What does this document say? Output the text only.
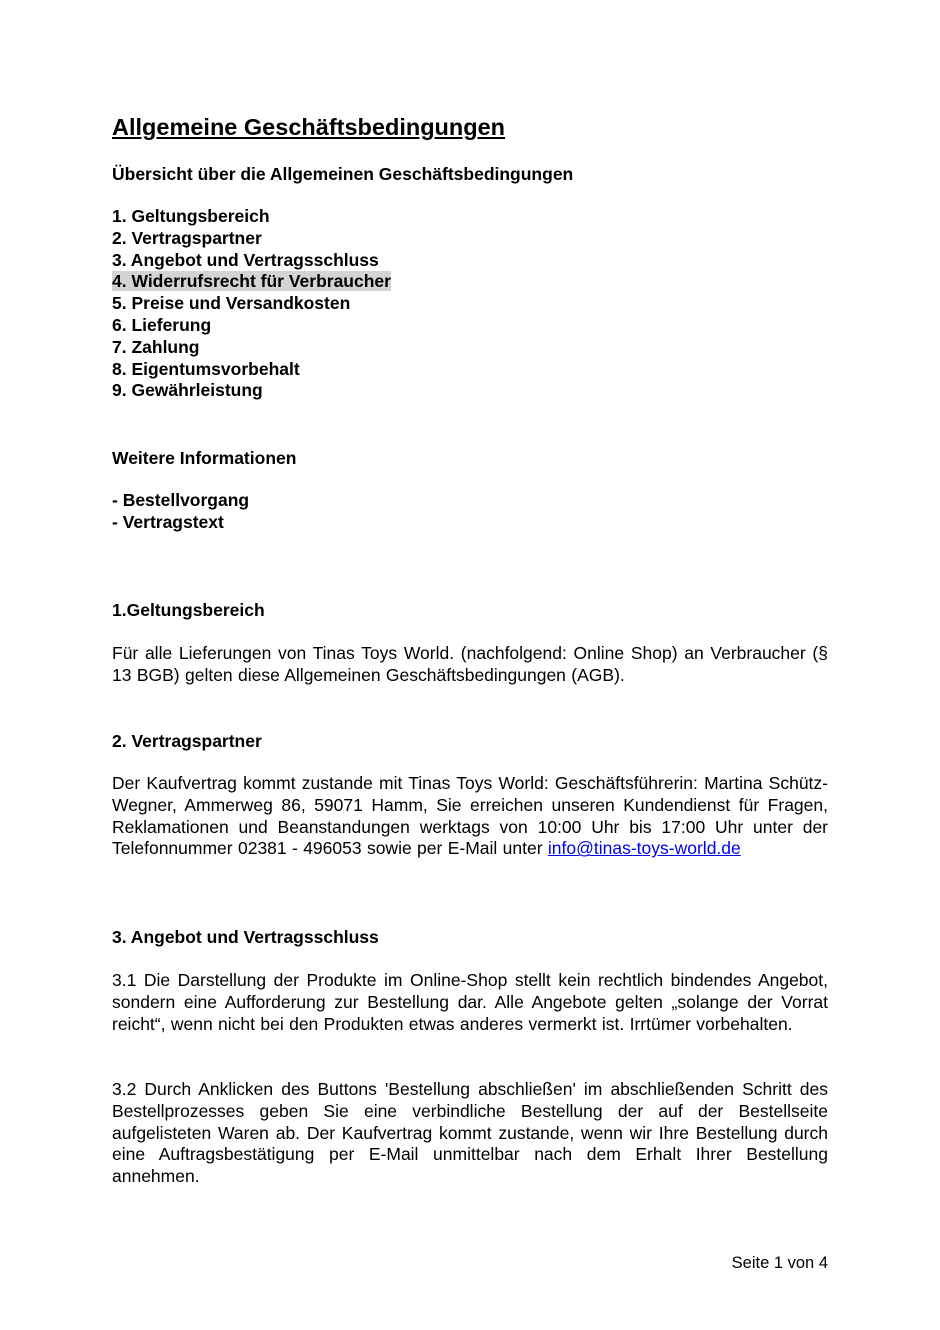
Allgemeine Geschäftsbedingungen
Übersicht über die Allgemeinen Geschäftsbedingungen
1. Geltungsbereich
2. Vertragspartner
3. Angebot und Vertragsschluss
4. Widerrufsrecht für Verbraucher
5. Preise und Versandkosten
6. Lieferung
7. Zahlung
8. Eigentumsvorbehalt
9. Gewährleistung
Weitere Informationen
- Bestellvorgang
- Vertragstext
1.Geltungsbereich

Für alle Lieferungen von Tinas Toys World. (nachfolgend: Online Shop) an Verbraucher (§ 13 BGB) gelten diese Allgemeinen Geschäftsbedingungen (AGB).

2. Vertragspartner

Der Kaufvertrag kommt zustande mit Tinas Toys World: Geschäftsführerin: Martina Schütz-Wegner, Ammerweg 86, 59071 Hamm, Sie erreichen unseren Kundendienst für Fragen, Reklamationen und Beanstandungen werktags von 10:00 Uhr bis 17:00 Uhr unter der Telefonnummer 02381 - 496053 sowie per E-Mail unter info@tinas-toys-world.de

3. Angebot und Vertragsschluss

3.1 Die Darstellung der Produkte im Online-Shop stellt kein rechtlich bindendes Angebot, sondern eine Aufforderung zur Bestellung dar. Alle Angebote gelten „solange der Vorrat reicht“, wenn nicht bei den Produkten etwas anderes vermerkt ist. Irrtümer vorbehalten.

3.2 Durch Anklicken des Buttons 'Bestellung abschließen' im abschließenden Schritt des Bestellprozesses geben Sie eine verbindliche Bestellung der auf der Bestellseite aufgelisteten Waren ab. Der Kaufvertrag kommt zustande, wenn wir Ihre Bestellung durch eine Auftragsbestätigung per E-Mail unmittelbar nach dem Erhalt Ihrer Bestellung annehmen.

Seite 1 von 4
